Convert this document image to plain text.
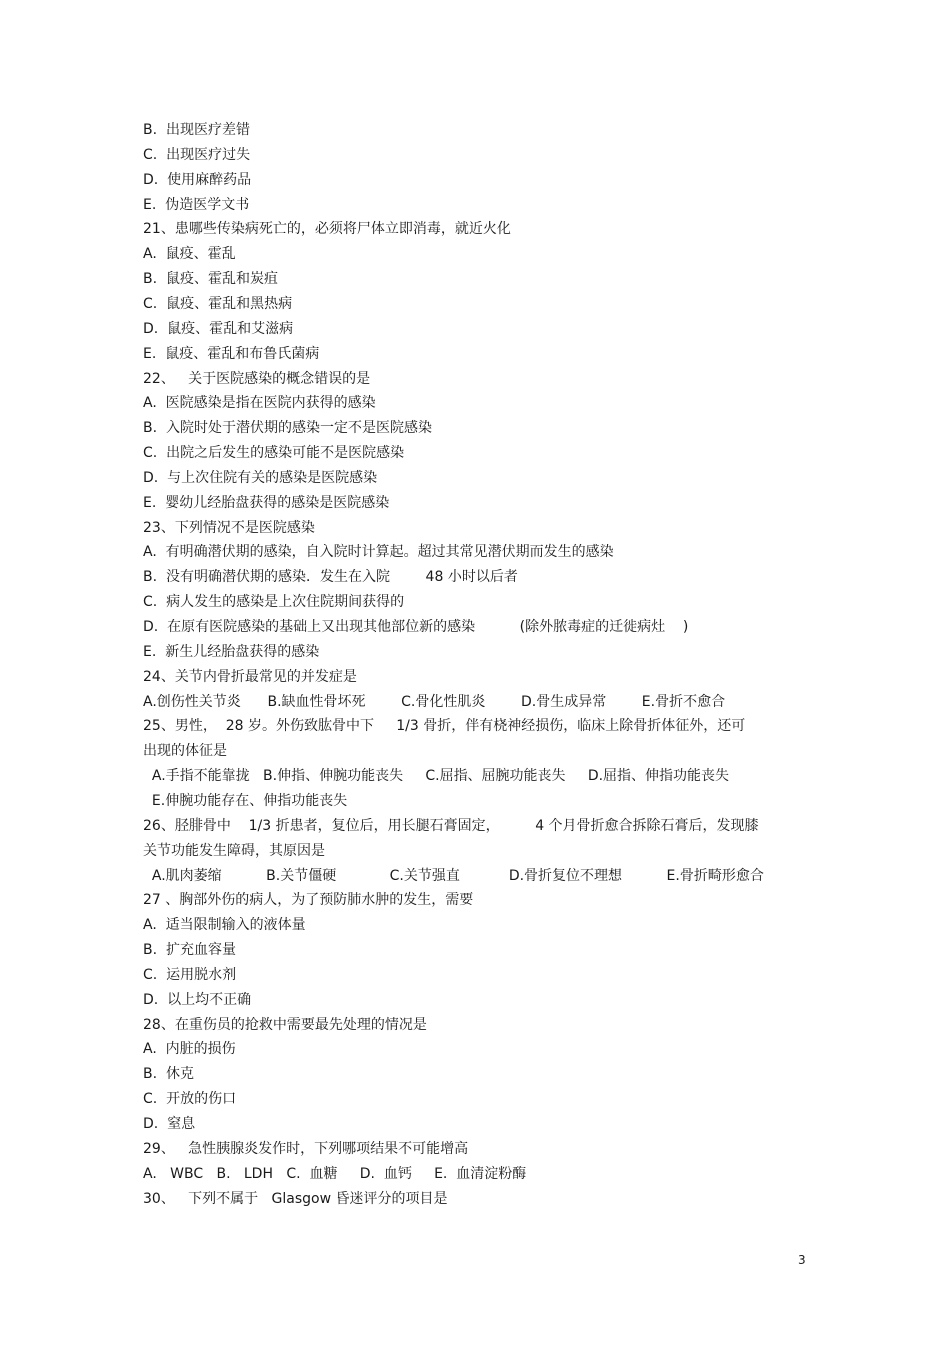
B.  出现医疗差错

C.  出现医疗过失

D.  使用麻醉药品

E.  伪造医学文书

21、患哪些传染病死亡的，必须将尸体立即消毒，就近火化

A.  鼠疫、霍乱

B.  鼠疫、霍乱和炭疽

C.  鼠疫、霍乱和黑热病

D.  鼠疫、霍乱和艾滋病

E.  鼠疫、霍乱和布鲁氏菌病

22、   关于医院感染的概念错误的是

A.  医院感染是指在医院内获得的感染

B.  入院时处于潜伏期的感染一定不是医院感染

C.  出院之后发生的感染可能不是医院感染

D.  与上次住院有关的感染是医院感染

E.  婴幼儿经胎盘获得的感染是医院感染

23、下列情况不是医院感染

A.  有明确潜伏期的感染，自入院时计算起。超过其常见潜伏期而发生的感染

B.  没有明确潜伏期的感染．发生在入院        48 小时以后者

C.  病人发生的感染是上次住院期间获得的

D.  在原有医院感染的基础上又出现其他部位新的感染          (除外脓毒症的迁徙病灶    )

E.  新生儿经胎盘获得的感染

24、关节内骨折最常见的并发症是

A.创伤性关节炎      B.缺血性骨坏死        C.骨化性肌炎        D.骨生成异常        E.骨折不愈合

25、男性，  28 岁。外伤致肱骨中下     1/3 骨折，伴有桡神经损伤，临床上除骨折体征外，还可

出现的体征是

A.手指不能靠拢   B.伸指、伸腕功能丧失     C.屈指、屈腕功能丧失     D.屈指、伸指功能丧失

E.伸腕功能存在、伸指功能丧失

26、胫腓骨中    1/3 折患者，复位后，用长腿石膏固定，        4 个月骨折愈合拆除石膏后，发现膝

关节功能发生障碍，其原因是

A.肌肉萎缩          B.关节僵硬            C.关节强直           D.骨折复位不理想          E.骨折畸形愈合

27 、胸部外伤的病人，为了预防肺水肿的发生，需要

A.  适当限制输入的液体量

B.  扩充血容量

C.  运用脱水剂

D.  以上均不正确

28、在重伤员的抢救中需要最先处理的情况是

A.  内脏的损伤

B.  休克

C.  开放的伤口

D.  窒息

29、   急性胰腺炎发作时，下列哪项结果不可能增高

A.   WBC   B.   LDH   C.  血糖     D.  血钙     E.  血清淀粉酶

30、   下列不属于   Glasgow 昏迷评分的项目是

3
